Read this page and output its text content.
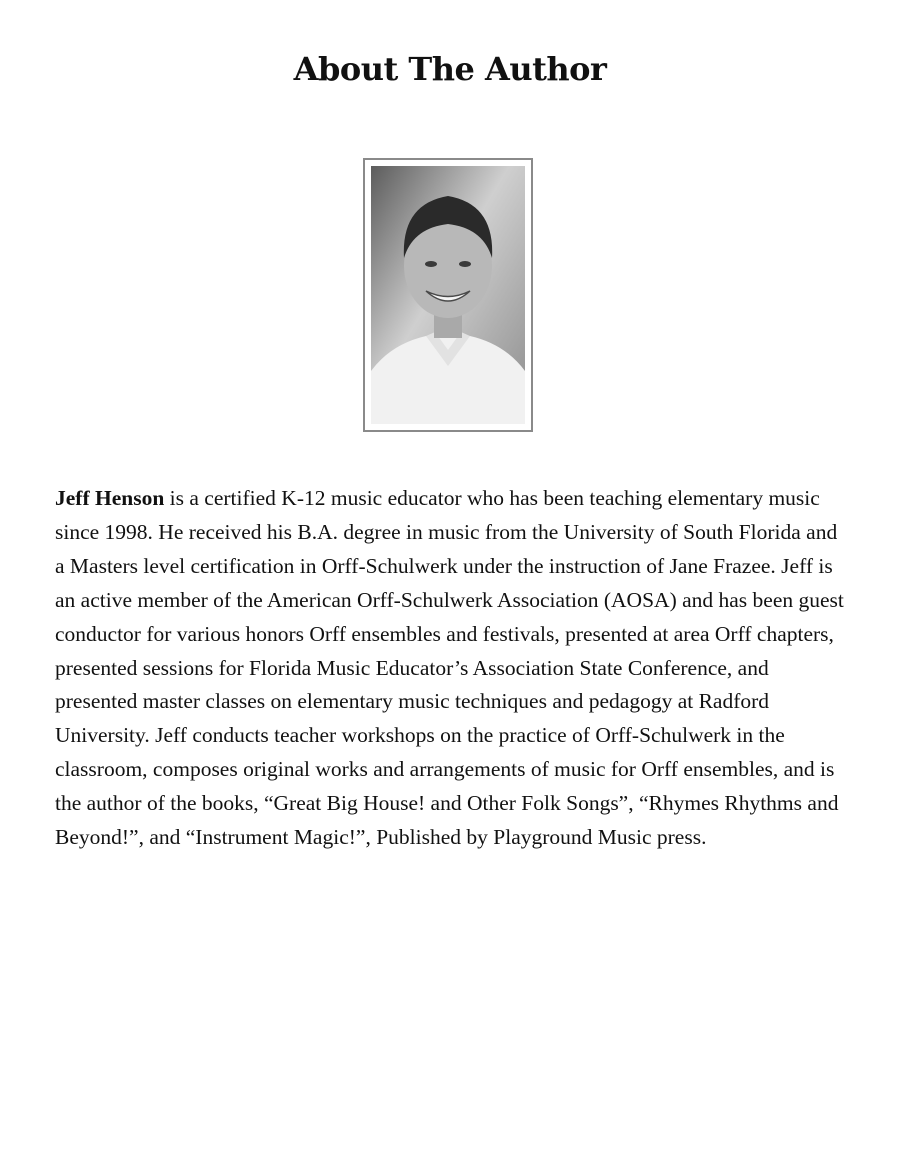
About The Author

Jeff Henson is a certified K-12 music educator who has been teaching elementary music since 1998. He received his B.A. degree in music from the University of South Florida and a Masters level certification in Orff-Schulwerk under the instruction of Jane Frazee. Jeff is an active member of the American Orff-Schulwerk Association (AOSA) and has been guest conductor for various honors Orff ensembles and festivals, presented at area Orff chapters, presented sessions for Florida Music Educator’s Association State Conference, and presented master classes on elementary music techniques and pedagogy at Radford University. Jeff conducts teacher workshops on the practice of Orff-Schulwerk in the classroom, composes original works and arrangements of music for Orff ensembles, and is the author of the books, “Great Big House! and Other Folk Songs”, “Rhymes Rhythms and Beyond!”, and “Instrument Magic!”, Published by Playground Music press.
